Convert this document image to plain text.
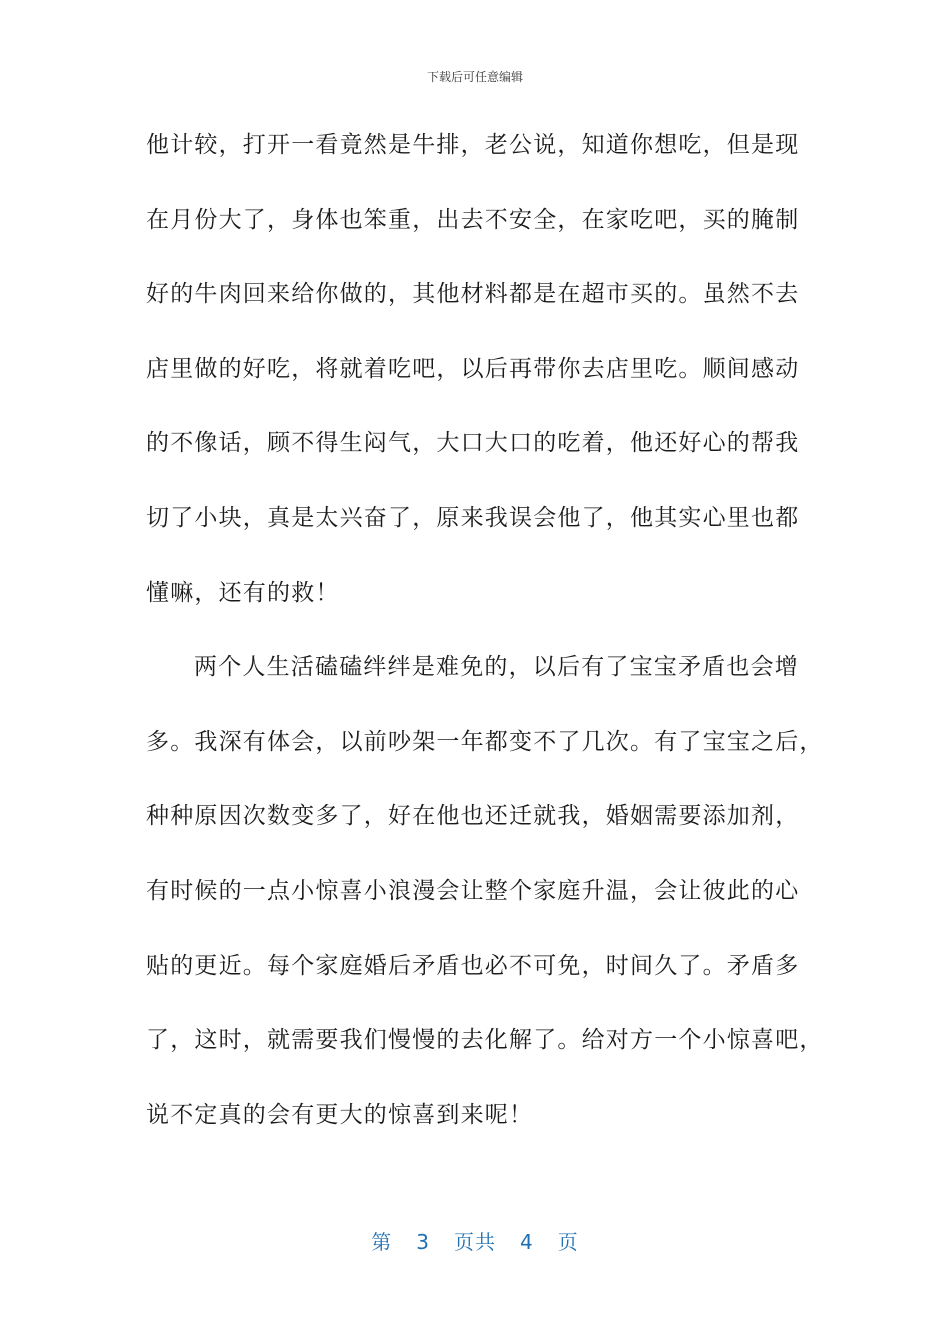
下载后可任意编辑
他计较，打开一看竟然是牛排，老公说，知道你想吃，但是现
在月份大了，身体也笨重，出去不安全，在家吃吧，买的腌制
好的牛肉回来给你做的，其他材料都是在超市买的。虽然不去
店里做的好吃，将就着吃吧，以后再带你去店里吃。顺间感动
的不像话，顾不得生闷气，大口大口的吃着，他还好心的帮我
切了小块，真是太兴奋了，原来我误会他了，他其实心里也都
懂嘛，还有的救！
两个人生活磕磕绊绊是难免的，以后有了宝宝矛盾也会增
多。我深有体会，以前吵架一年都变不了几次。有了宝宝之后，
种种原因次数变多了，好在他也还迁就我，婚姻需要添加剂，
有时候的一点小惊喜小浪漫会让整个家庭升温，会让彼此的心
贴的更近。每个家庭婚后矛盾也必不可免，时间久了。矛盾多
了，这时，就需要我们慢慢的去化解了。给对方一个小惊喜吧，
说不定真的会有更大的惊喜到来呢！
第 3 页共 4 页
